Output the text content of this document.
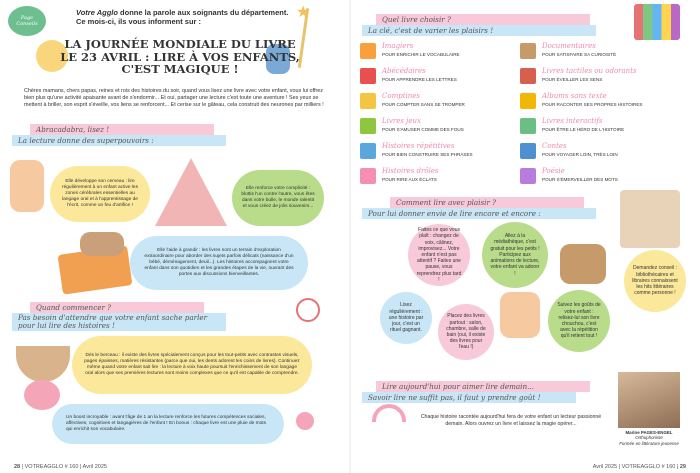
Page Conseils
Votre Agglo donne la parole aux soignants du département.
Ce mois-ci, ils vous informent sur :
★
LA JOURNÉE MONDIALE DU LIVRE
LE 23 AVRIL : LIRE À VOS ENFANTS,
C'EST MAGIQUE !
Chères mamans, chers papas, reines et rois des histoires du soir, quand vous lisez une livre avec votre enfant, vous lui offrez bien plus qu'une activité apaisante avant de s'endormir... Et oui, partager une lecture c'est toute une aventure ! Ses yeux se mettent à briller, son esprit s'éveille, vos liens se renforcent... Et cerise sur le gâteau, cela construit des neurones par milliers !
Abracadabra, lisez !
La lecture donne des superpouvoirs :
Elle développe son cerveau : lire régulièrement à un enfant active les zones cérébrales essentielles au langage oral et à l'apprentissage de l'écrit, comme un feu d'artifice !
Elle renforce votre complicité : blottis l'un contre l'autre, vous êtes dans votre bulle, le monde ralentit et vous créez de jolis souvenirs...
Elle l'aide à grandir : les livres sont un terrain d'exploration extraordinaire pour aborder des sujets parfois délicats (naissance d'un bébé, déménagement, deuil...). Les histoires accompagnent votre enfant dans son quotidien et les grandes étapes de la vie, ouvrant des portes aux discussions bienveillantes.
Quand commencer ?
Pas besoin d'attendre que votre enfant sache parler pour lui lire des histoires !
Dès le berceau : il existe des livres spécialement conçus pour les tout-petits avec contrastes visuels, pages épaisses, matières résistantes (parce que oui, les dents adorent les coins de livres). Continuez même quand votre enfant sait lire : la lecture à voix haute poursuit l'enrichissement de son langage oral alors que ses premières lectures sont moins complexes que ce qu'il est capable de comprendre.
Un boost incroyable : avant l'âge de 1 an la lecture renforce les futures compétences sociales, affectives, cognitives et langagières de l'enfant ! En bonus : chaque livre est une pluie de mots qui enrichit son vocabulaire.
28 | VOTREAGGLO # 160 | Avril 2025
Quel livre choisir ?
La clé, c'est de varier les plaisirs !
Imagiers
POUR ENRICHIR LE VOCABULAIRE
Abécédaires
POUR APPRENDRE LES LETTRES
Comptines
POUR COMPTER SANS SE TROMPER
Livres jeux
POUR S'AMUSER COMME DES FOUS
Histoires répétitives
POUR BIEN CONSTRUIRE SES PHRASES
Histoires drôles
POUR RIRE AUX ÉCLATS
Documentaires
POUR SATISFAIRE SA CURIOSITÉ
Livres tactiles ou odorants
POUR ÉVEILLER LES SENS
Albums sans texte
POUR RACONTER SES PROPRES HISTOIRES
Livres interactifs
POUR ÊTRE LE HÉRO DE L'HISTOIRE
Contes
POUR VOYAGER LOIN, TRÈS LOIN
Poésie
POUR S'ÉMERVEILLER DES MOTS
Comment lire avec plaisir ?
Pour lui donner envie de lire encore et encore :
Faites ce que vous plaît : changez de voix, câlinez, improvisez... Votre enfant n'est pas attentif ? Faites une pause, vous reprendrez plus tard !
Allez à la médiathèque, c'est gratuit pour les petits ! Participez aux animations de lecture, votre enfant va adorer !
Demandez conseil : bibliothécaires et libraires connaissent les hits littéraires comme personne !
Lisez régulièrement : une histoire par jour, c'est un rituel gagnant.
Placez des livres partout : salon, chambre, salle de bain (oui, il existe des livres pour l'eau !)
Suivez les goûts de votre enfant : relisez-lui son livre chouchou, c'est avec la répétition qu'il retient tout !
Lire aujourd'hui pour aimer lire demain...
Savoir lire ne suffit pas, il faut y prendre goût !
Chaque histoire racontée aujourd'hui fera de votre enfant un lecteur passionné demain. Alors ouvrez un livre et laissez la magie opérer...
Marine PAGES-ENGEL
Orthophoniste
Formée en littérature jeunesse
Avril 2025 | VOTREAGGLO # 160 | 29
